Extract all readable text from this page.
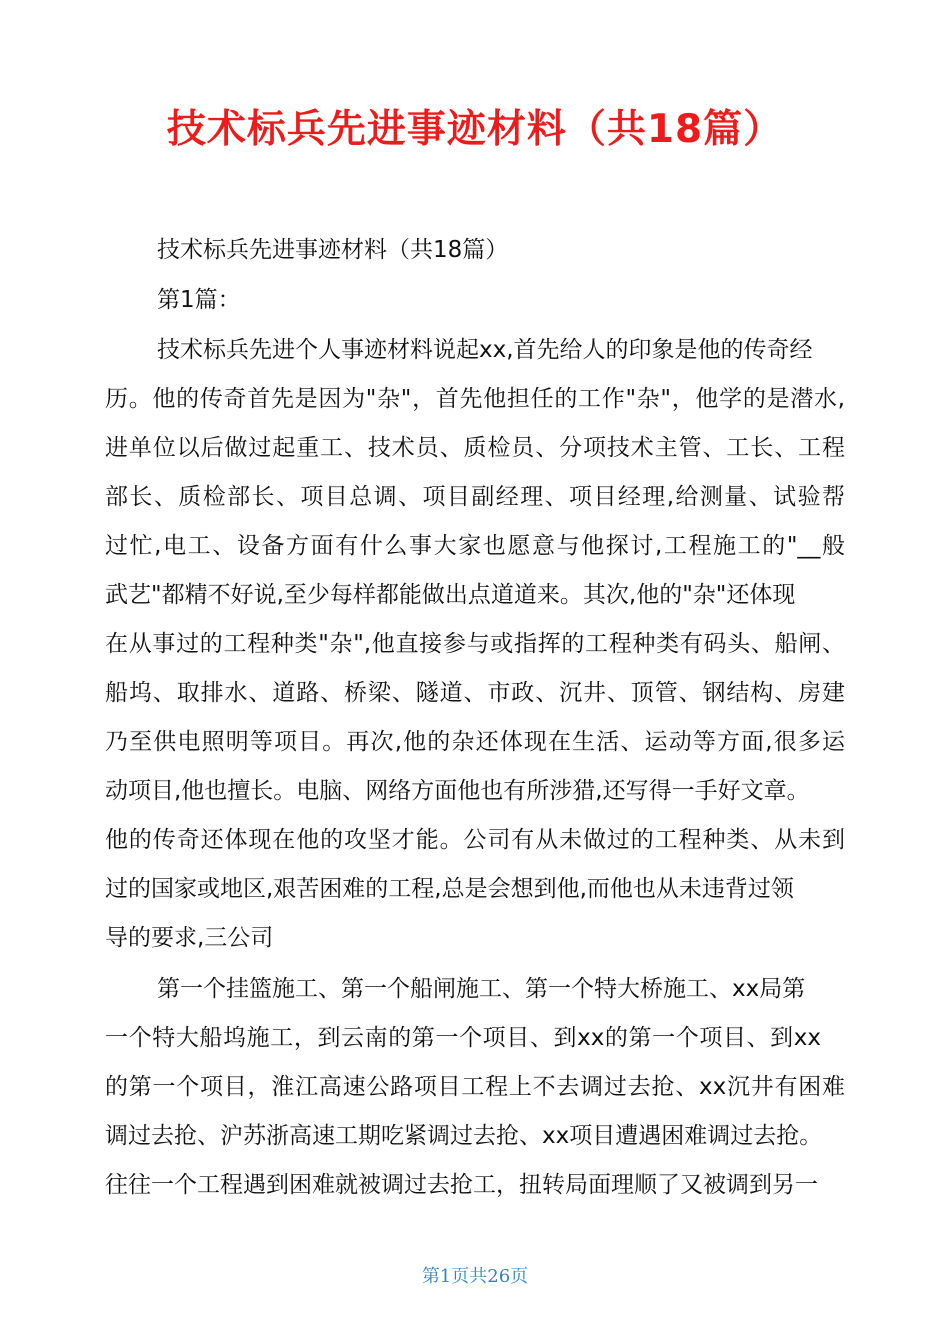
技术标兵先进事迹材料（共18篇）

技术标兵先进事迹材料（共18篇）

第1篇：

技术标兵先进个人事迹材料说起xx,首先给人的印象是他的传奇经

历。他的传奇首先是因为"杂"，首先他担任的工作"杂"，他学的是潜水,

进单位以后做过起重工、技术员、质检员、分项技术主管、工长、工程

部长、质检部长、项目总调、项目副经理、项目经理,给测量、试验帮

过忙,电工、设备方面有什么事大家也愿意与他探讨,工程施工的"__般

武艺"都精不好说,至少每样都能做出点道道来。其次,他的"杂"还体现

在从事过的工程种类"杂",他直接参与或指挥的工程种类有码头、船闸、

船坞、取排水、道路、桥梁、隧道、市政、沉井、顶管、钢结构、房建

乃至供电照明等项目。再次,他的杂还体现在生活、运动等方面,很多运

动项目,他也擅长。电脑、网络方面他也有所涉猎,还写得一手好文章。

他的传奇还体现在他的攻坚才能。公司有从未做过的工程种类、从未到

过的国家或地区,艰苦困难的工程,总是会想到他,而他也从未违背过领

导的要求,三公司

第一个挂篮施工、第一个船闸施工、第一个特大桥施工、xx局第

一个特大船坞施工，到云南的第一个项目、到xx的第一个项目、到xx

的第一个项目，淮江高速公路项目工程上不去调过去抢、xx沉井有困难

调过去抢、沪苏浙高速工期吃紧调过去抢、xx项目遭遇困难调过去抢。

往往一个工程遇到困难就被调过去抢工，扭转局面理顺了又被调到另一

第1页共26页
